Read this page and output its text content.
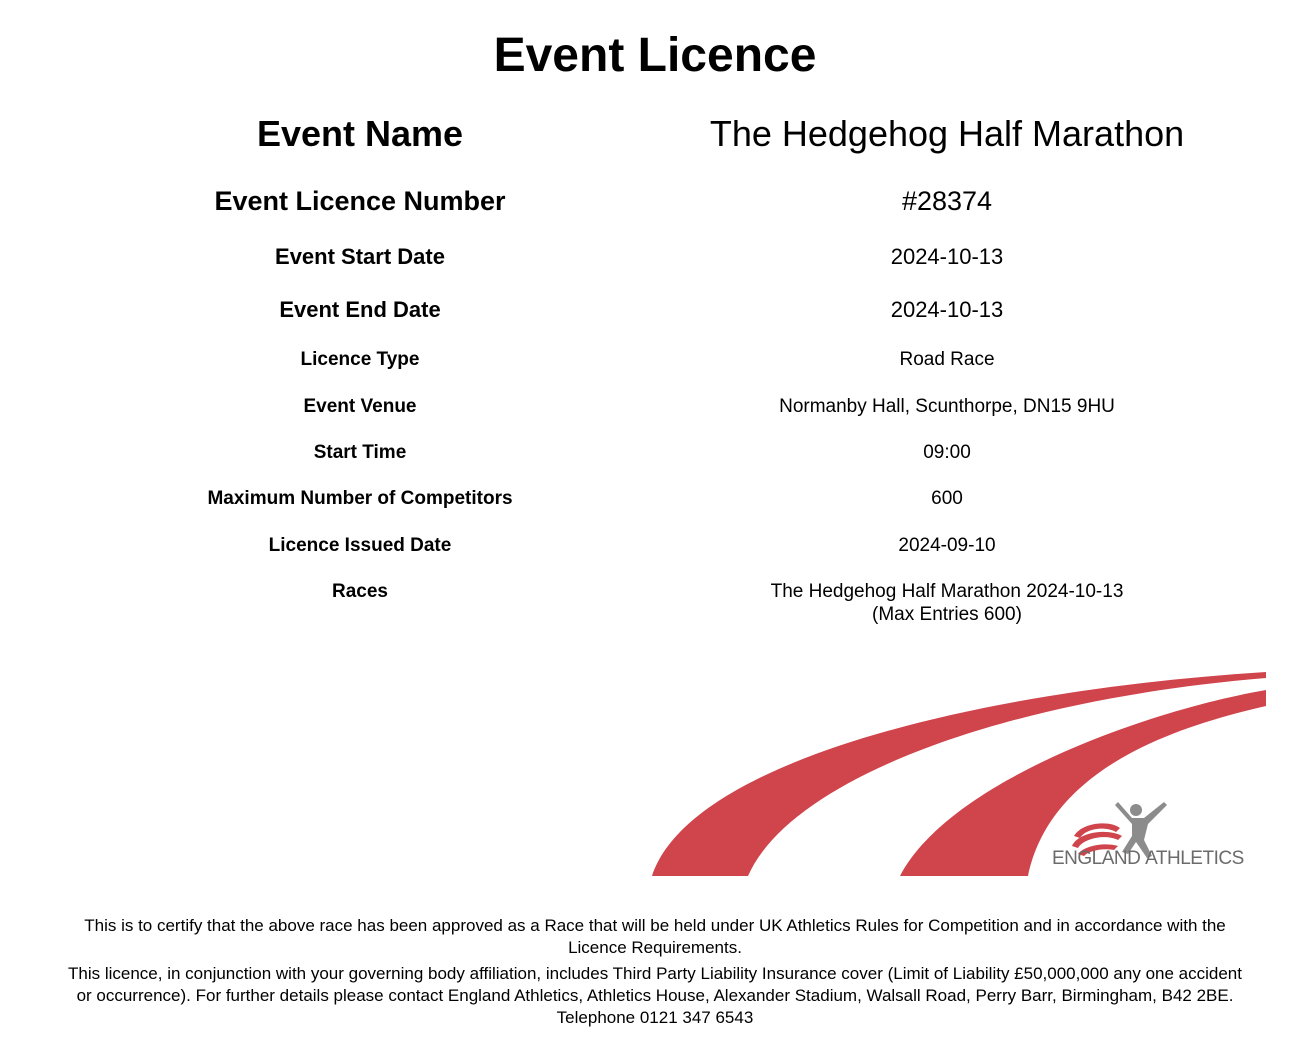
Event Licence
Event Name	The Hedgehog Half Marathon
Event Licence Number	#28374
Event Start Date	2024-10-13
Event End Date	2024-10-13
Licence Type	Road Race
Event Venue	Normanby Hall, Scunthorpe, DN15 9HU
Start Time	09:00
Maximum Number of Competitors	600
Licence Issued Date	2024-09-10
Races	The Hedgehog Half Marathon 2024-10-13
(Max Entries 600)
ENGLAND ATHLETICS
This is to certify that the above race has been approved as a Race that will be held under UK Athletics Rules for Competition and in accordance with the Licence Requirements.
This licence, in conjunction with your governing body affiliation, includes Third Party Liability Insurance cover (Limit of Liability £50,000,000 any one accident or occurrence). For further details please contact England Athletics, Athletics House, Alexander Stadium, Walsall Road, Perry Barr, Birmingham, B42 2BE. Telephone 0121 347 6543
